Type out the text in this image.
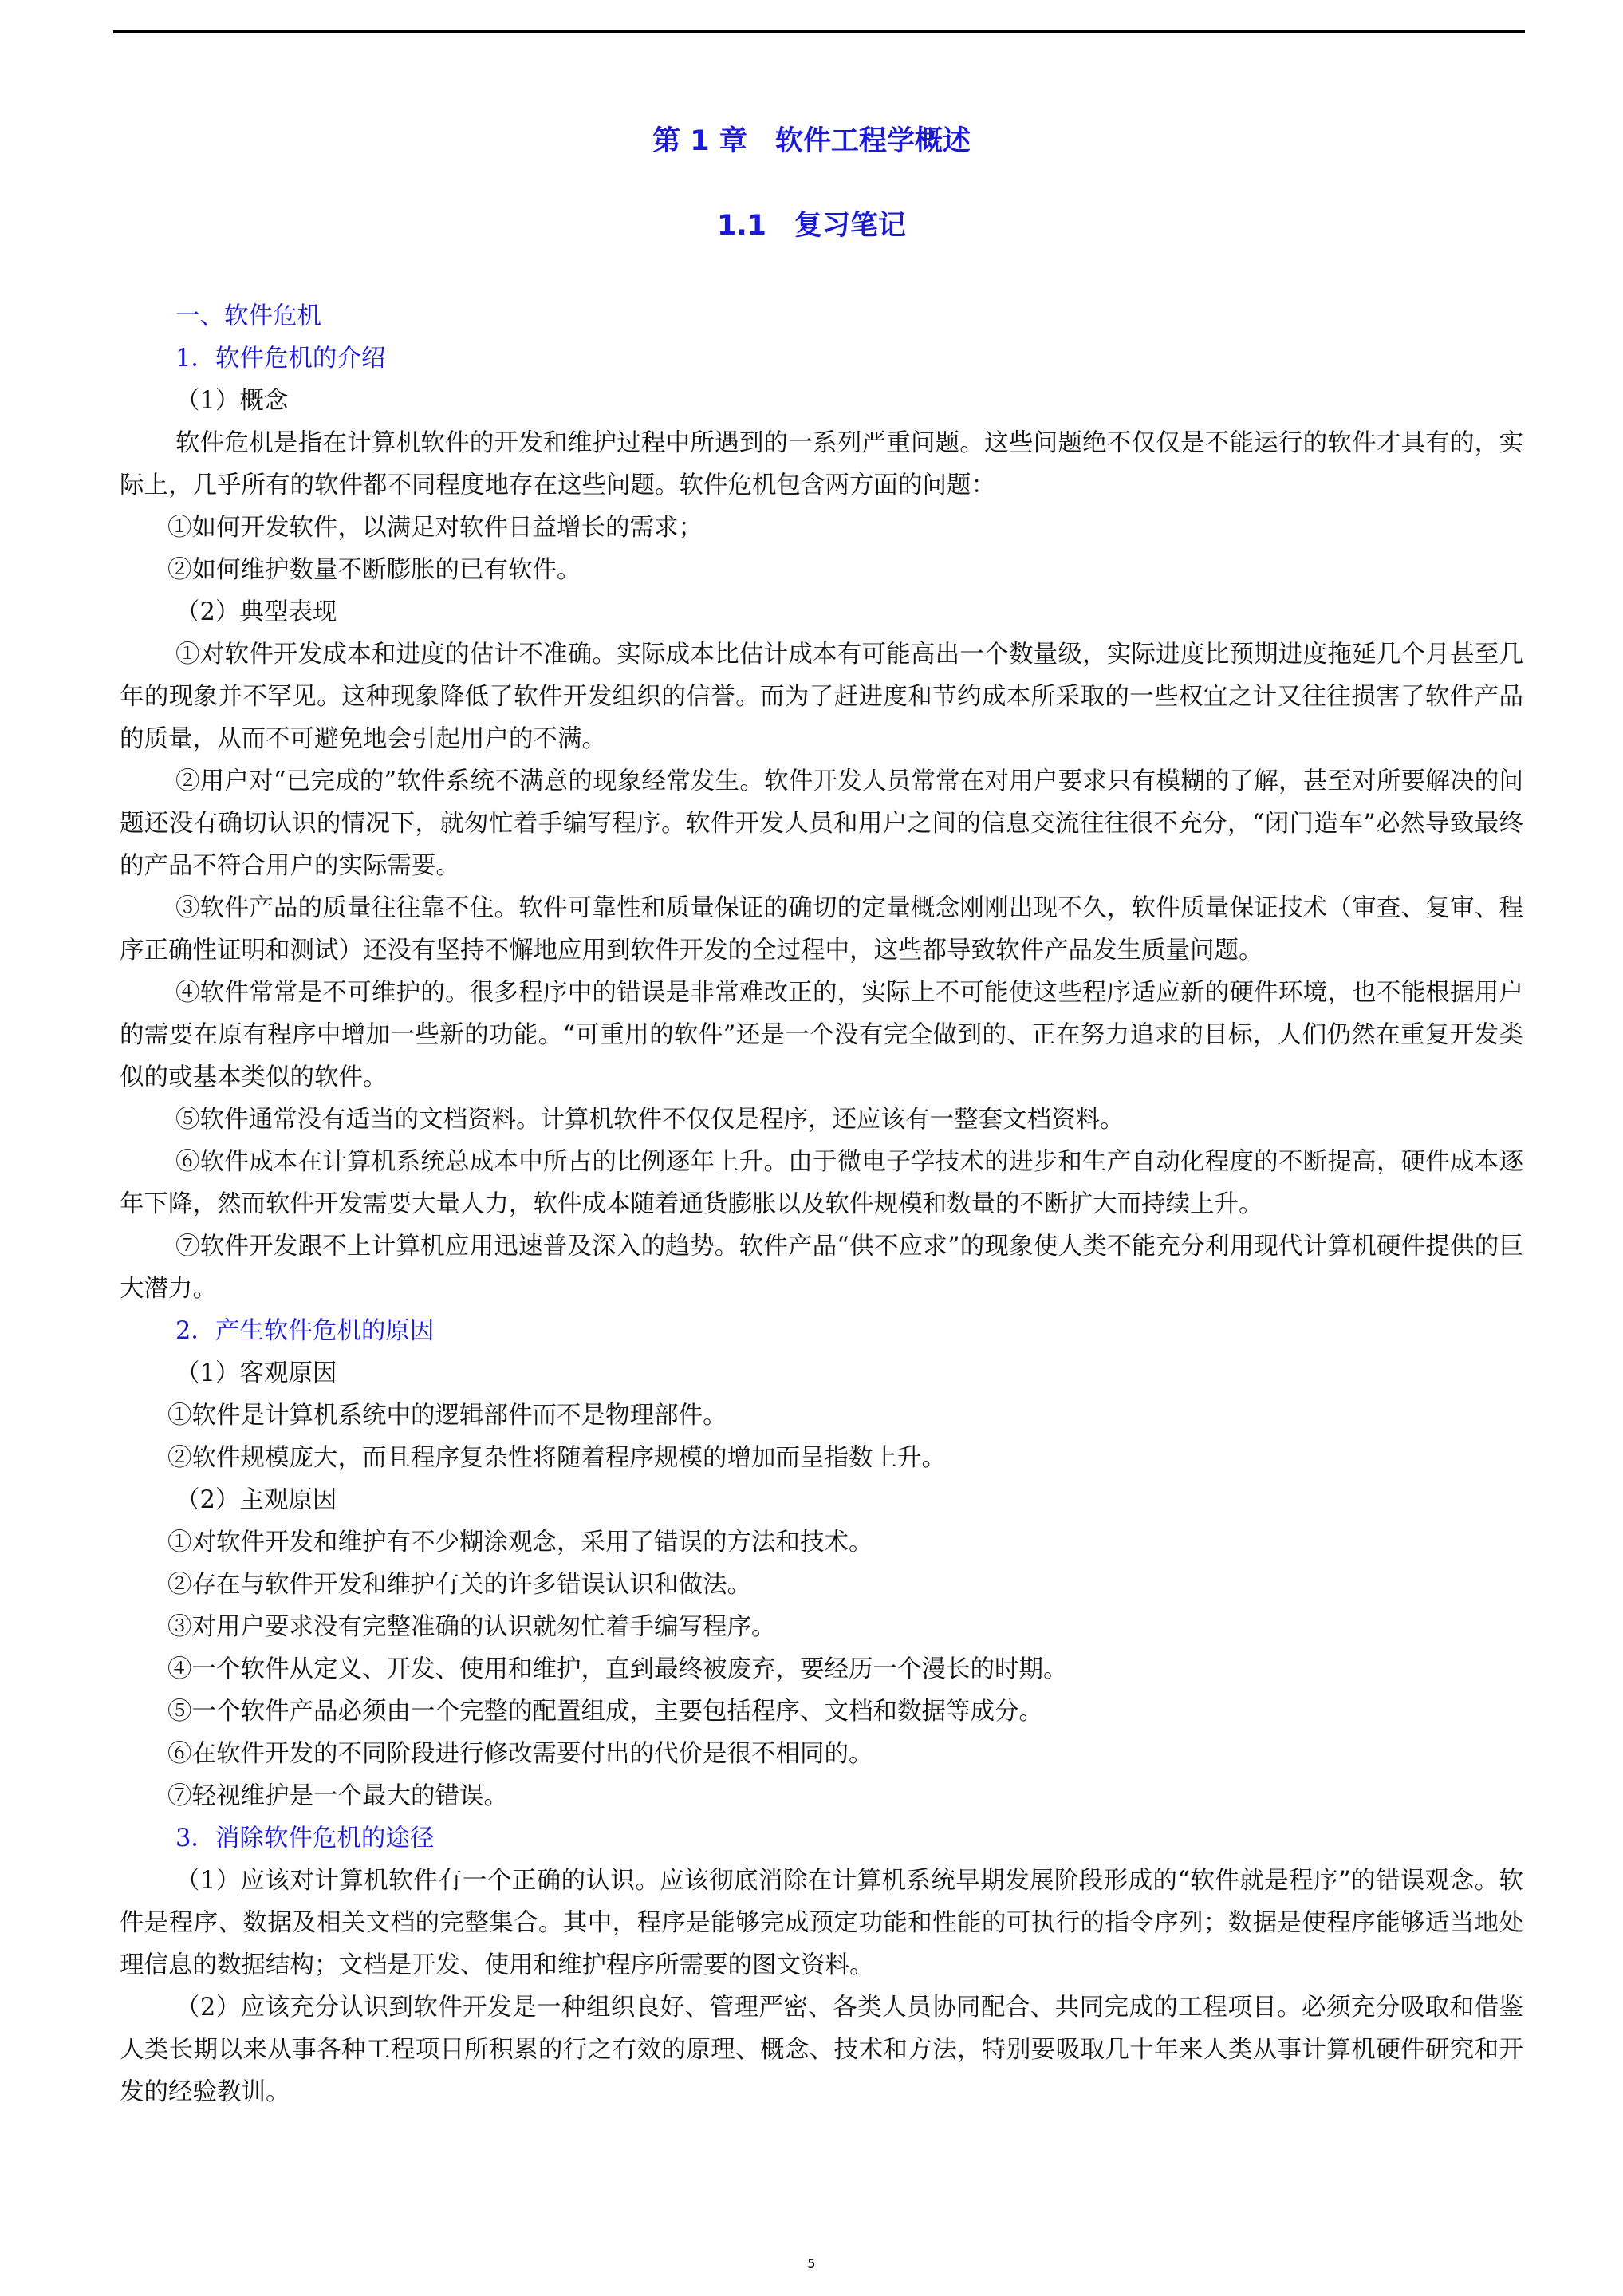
第 1 章　软件工程学概述
1.1　复习笔记

一、软件危机

1．软件危机的介绍

（1）概念

软件危机是指在计算机软件的开发和维护过程中所遇到的一系列严重问题。这些问题绝不仅仅是不能运行的软件才具有的，实际上，几乎所有的软件都不同程度地存在这些问题。软件危机包含两方面的问题：

①如何开发软件，以满足对软件日益增长的需求；

②如何维护数量不断膨胀的已有软件。

（2）典型表现

①对软件开发成本和进度的估计不准确。实际成本比估计成本有可能高出一个数量级，实际进度比预期进度拖延几个月甚至几年的现象并不罕见。这种现象降低了软件开发组织的信誉。而为了赶进度和节约成本所采取的一些权宜之计又往往损害了软件产品的质量，从而不可避免地会引起用户的不满。

②用户对“已完成的”软件系统不满意的现象经常发生。软件开发人员常常在对用户要求只有模糊的了解，甚至对所要解决的问题还没有确切认识的情况下，就匆忙着手编写程序。软件开发人员和用户之间的信息交流往往很不充分，“闭门造车”必然导致最终的产品不符合用户的实际需要。

③软件产品的质量往往靠不住。软件可靠性和质量保证的确切的定量概念刚刚出现不久，软件质量保证技术（审查、复审、程序正确性证明和测试）还没有坚持不懈地应用到软件开发的全过程中，这些都导致软件产品发生质量问题。

④软件常常是不可维护的。很多程序中的错误是非常难改正的，实际上不可能使这些程序适应新的硬件环境，也不能根据用户的需要在原有程序中增加一些新的功能。“可重用的软件”还是一个没有完全做到的、正在努力追求的目标，人们仍然在重复开发类似的或基本类似的软件。

⑤软件通常没有适当的文档资料。计算机软件不仅仅是程序，还应该有一整套文档资料。

⑥软件成本在计算机系统总成本中所占的比例逐年上升。由于微电子学技术的进步和生产自动化程度的不断提高，硬件成本逐年下降，然而软件开发需要大量人力，软件成本随着通货膨胀以及软件规模和数量的不断扩大而持续上升。

⑦软件开发跟不上计算机应用迅速普及深入的趋势。软件产品“供不应求”的现象使人类不能充分利用现代计算机硬件提供的巨大潜力。

2．产生软件危机的原因

（1）客观原因

①软件是计算机系统中的逻辑部件而不是物理部件。

②软件规模庞大，而且程序复杂性将随着程序规模的增加而呈指数上升。

（2）主观原因

①对软件开发和维护有不少糊涂观念，采用了错误的方法和技术。

②存在与软件开发和维护有关的许多错误认识和做法。

③对用户要求没有完整准确的认识就匆忙着手编写程序。

④一个软件从定义、开发、使用和维护，直到最终被废弃，要经历一个漫长的时期。

⑤一个软件产品必须由一个完整的配置组成，主要包括程序、文档和数据等成分。

⑥在软件开发的不同阶段进行修改需要付出的代价是很不相同的。

⑦轻视维护是一个最大的错误。

3．消除软件危机的途径

（1）应该对计算机软件有一个正确的认识。应该彻底消除在计算机系统早期发展阶段形成的“软件就是程序”的错误观念。软件是程序、数据及相关文档的完整集合。其中，程序是能够完成预定功能和性能的可执行的指令序列；数据是使程序能够适当地处理信息的数据结构；文档是开发、使用和维护程序所需要的图文资料。

（2）应该充分认识到软件开发是一种组织良好、管理严密、各类人员协同配合、共同完成的工程项目。必须充分吸取和借鉴人类长期以来从事各种工程项目所积累的行之有效的原理、概念、技术和方法，特别要吸取几十年来人类从事计算机硬件研究和开发的经验教训。

5
